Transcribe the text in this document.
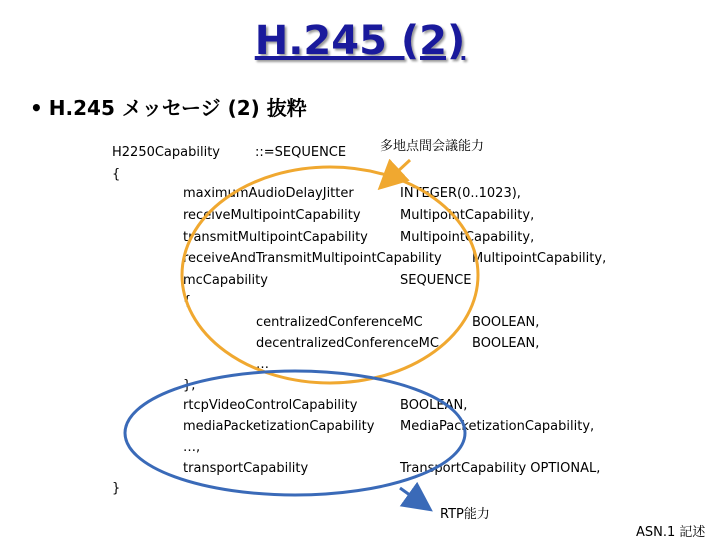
H.245 (2)
• H.245 メッセージ (2) 抜粋
H2250Capability	::=SEQUENCE	多地点間会議能力
{
maximumAudioDelayJitter	INTEGER(0..1023),
receiveMultipointCapability	MultipointCapability,
transmitMultipointCapability MultipointCapability,
receiveAndTransmitMultipointCapability MultipointCapability,
mcCapability	SEQUENCE
{
centralizedConferenceMC	BOOLEAN,
decentralizedConferenceMC	BOOLEAN,
…
},
rtcpVideoControlCapability	BOOLEAN,
mediaPacketizationCapability MediaPacketizationCapability,
…,
transportCapability	TransportCapability OPTIONAL,
}
RTP能力
ASN.1 記述
